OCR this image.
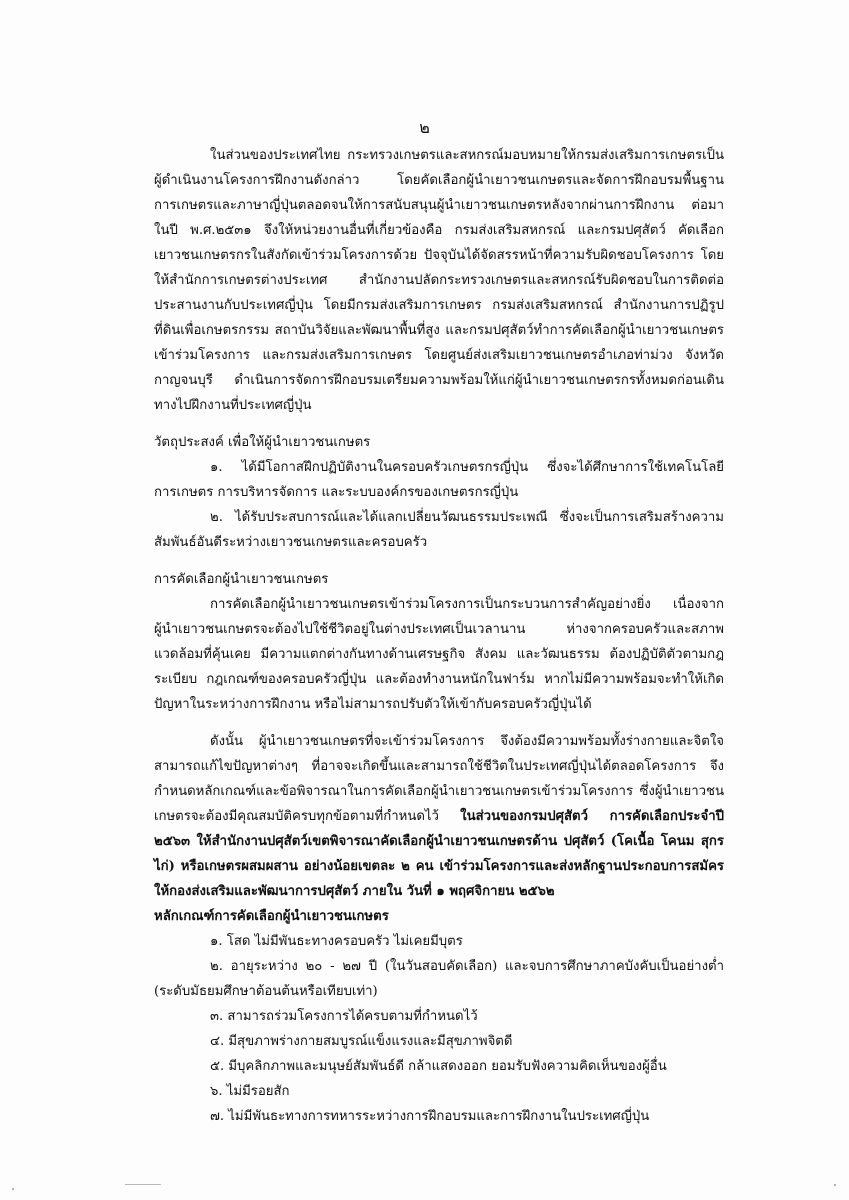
๒

ในส่วนของประเทศไทย กระทรวงเกษตรและสหกรณ์มอบหมายให้กรมส่งเสริมการเกษตรเป็นผู้ดำเนินงานโครงการฝึกงานดังกล่าว โดยคัดเลือกผู้นำเยาวชนเกษตรและจัดการฝึกอบรมพื้นฐานการเกษตรและภาษาญี่ปุ่นตลอดจนให้การสนับสนุนผู้นำเยาวชนเกษตรหลังจากผ่านการฝึกงาน ต่อมาในปี พ.ศ.๒๕๓๑ จึงให้หน่วยงานอื่นที่เกี่ยวข้องคือ กรมส่งเสริมสหกรณ์ และกรมปศุสัตว์ คัดเลือกเยาวชนเกษตรกรในสังกัดเข้าร่วมโครงการด้วย ปัจจุบันได้จัดสรรหน้าที่ความรับผิดชอบโครงการ โดยให้สำนักการเกษตรต่างประเทศ สำนักงานปลัดกระทรวงเกษตรและสหกรณ์รับผิดชอบในการติดต่อประสานงานกับประเทศญี่ปุ่น โดยมีกรมส่งเสริมการเกษตร กรมส่งเสริมสหกรณ์ สำนักงานการปฏิรูปที่ดินเพื่อเกษตรกรรม สถาบันวิจัยและพัฒนาพื้นที่สูง และกรมปศุสัตว์ทำการคัดเลือกผู้นำเยาวชนเกษตรเข้าร่วมโครงการ และกรมส่งเสริมการเกษตร โดยศูนย์ส่งเสริมเยาวชนเกษตรอำเภอท่าม่วง จังหวัดกาญจนบุรี ดำเนินการจัดการฝึกอบรมเตรียมความพร้อมให้แก่ผู้นำเยาวชนเกษตรกรทั้งหมดก่อนเดินทางไปฝึกงานที่ประเทศญี่ปุ่น

วัตถุประสงค์ เพื่อให้ผู้นำเยาวชนเกษตร

๑. ได้มีโอกาสฝึกปฏิบัติงานในครอบครัวเกษตรกรญี่ปุ่น ซึ่งจะได้ศึกษาการใช้เทคโนโลยีการเกษตร การบริหารจัดการ และระบบองค์กรของเกษตรกรญี่ปุ่น

๒. ได้รับประสบการณ์และได้แลกเปลี่ยนวัฒนธรรมประเพณี ซึ่งจะเป็นการเสริมสร้างความสัมพันธ์อันดีระหว่างเยาวชนเกษตรและครอบครัว

การคัดเลือกผู้นำเยาวชนเกษตร

การคัดเลือกผู้นำเยาวชนเกษตรเข้าร่วมโครงการเป็นกระบวนการสำคัญอย่างยิ่ง เนื่องจากผู้นำเยาวชนเกษตรจะต้องไปใช้ชีวิตอยู่ในต่างประเทศเป็นเวลานาน ห่างจากครอบครัวและสภาพแวดล้อมที่คุ้นเคย มีความแตกต่างกันทางด้านเศรษฐกิจ สังคม และวัฒนธรรม ต้องปฏิบัติตัวตามกฎระเบียบ กฎเกณฑ์ของครอบครัวญี่ปุ่น และต้องทำงานหนักในฟาร์ม หากไม่มีความพร้อมจะทำให้เกิดปัญหาในระหว่างการฝึกงาน หรือไม่สามารถปรับตัวให้เข้ากับครอบครัวญี่ปุ่นได้

ดังนั้น ผู้นำเยาวชนเกษตรที่จะเข้าร่วมโครงการ จึงต้องมีความพร้อมทั้งร่างกายและจิตใจ สามารถแก้ไขปัญหาต่างๆ ที่อาจจะเกิดขึ้นและสามารถใช้ชีวิตในประเทศญี่ปุ่นได้ตลอดโครงการ จึงกำหนดหลักเกณฑ์และข้อพิจารณาในการคัดเลือกผู้นำเยาวชนเกษตรเข้าร่วมโครงการ ซึ่งผู้นำเยาวชนเกษตรจะต้องมีคุณสมบัติครบทุกข้อตามที่กำหนดไว้ ในส่วนของกรมปศุสัตว์ การคัดเลือกประจำปี ๒๕๖๓ ให้สำนักงานปศุสัตว์เขตพิจารณาคัดเลือกผู้นำเยาวชนเกษตรด้าน ปศุสัตว์ (โคเนื้อ โคนม สุกร ไก่) หรือเกษตรผสมผสาน อย่างน้อยเขตละ ๒ คน เข้าร่วมโครงการและส่งหลักฐานประกอบการสมัครให้กองส่งเสริมและพัฒนาการปศุสัตว์ ภายใน วันที่ ๑ พฤศจิกายน ๒๕๖๒

หลักเกณฑ์การคัดเลือกผู้นำเยาวชนเกษตร

๑. โสด ไม่มีพันธะทางครอบครัว ไม่เคยมีบุตร

๒. อายุระหว่าง ๒๐ - ๒๗ ปี (ในวันสอบคัดเลือก) และจบการศึกษาภาคบังคับเป็นอย่างต่ำ (ระดับมัธยมศึกษาต้อนต้นหรือเทียบเท่า)

๓. สามารถร่วมโครงการได้ครบตามที่กำหนดไว้

๔. มีสุขภาพร่างกายสมบูรณ์แข็งแรงและมีสุขภาพจิตดี

๕. มีบุคลิกภาพและมนุษย์สัมพันธ์ดี กล้าแสดงออก ยอมรับฟังความคิดเห็นของผู้อื่น

๖. ไม่มีรอยสัก

๗. ไม่มีพันธะทางการทหารระหว่างการฝึกอบรมและการฝึกงานในประเทศญี่ปุ่น
